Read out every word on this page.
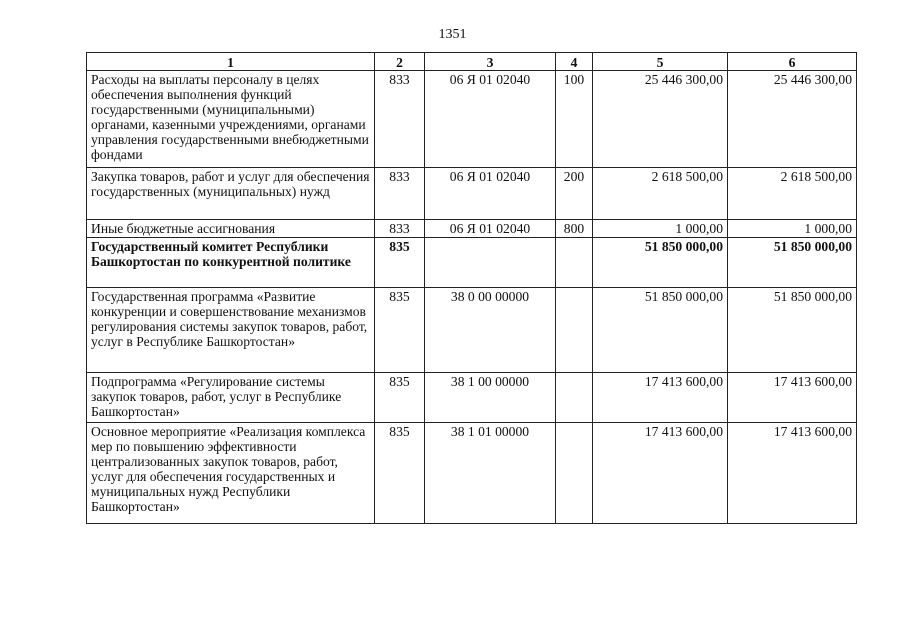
1351
1	2	3	4	5	6
Расходы на выплаты персоналу в целях обеспечения выполнения функций государственными (муниципальными) органами, казенными учреждениями, органами управления государственными внебюджетными фондами	833	06 Я 01 02040	100	25 446 300,00	25 446 300,00
Закупка товаров, работ и услуг для обеспечения государственных (муниципальных) нужд	833	06 Я 01 02040	200	2 618 500,00	2 618 500,00
Иные бюджетные ассигнования	833	06 Я 01 02040	800	1 000,00	1 000,00
Государственный комитет Республики Башкортостан по конкурентной политике	835			51 850 000,00	51 850 000,00
Государственная программа «Развитие конкуренции и совершенствование механизмов регулирования системы закупок товаров, работ, услуг в Республике Башкортостан»	835	38 0 00 00000		51 850 000,00	51 850 000,00
Подпрограмма «Регулирование системы закупок товаров, работ, услуг в Республике Башкортостан»	835	38 1 00 00000		17 413 600,00	17 413 600,00
Основное мероприятие «Реализация комплекса мер по повышению эффективности централизованных закупок товаров, работ, услуг для обеспечения государственных и муниципальных нужд Республики Башкортостан»	835	38 1 01 00000		17 413 600,00	17 413 600,00
